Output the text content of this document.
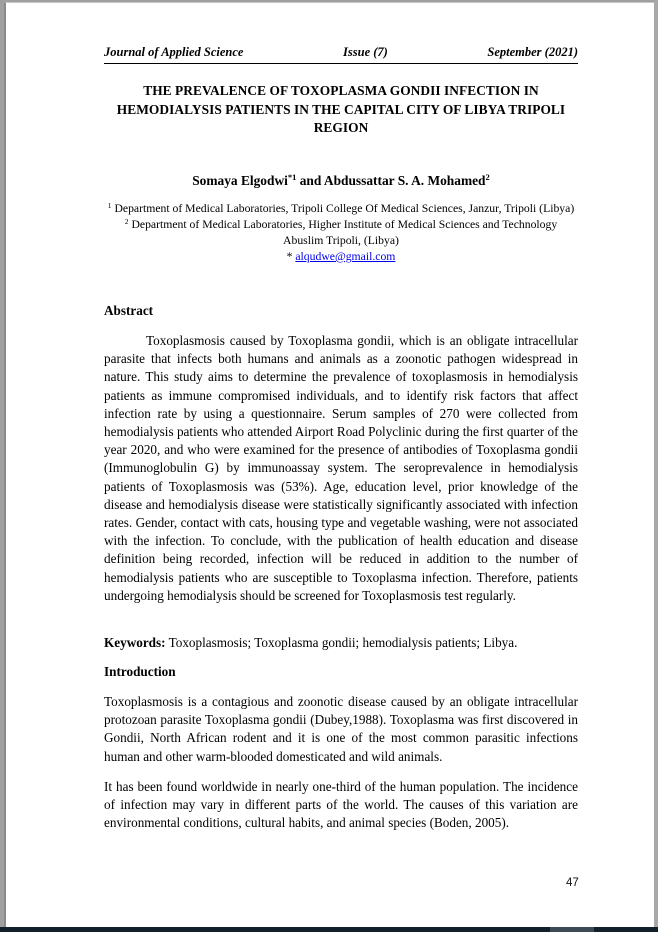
Journal of Applied Science	Issue (7)	September (2021)
THE PREVALENCE OF TOXOPLASMA GONDII INFECTION IN HEMODIALYSIS PATIENTS IN THE CAPITAL CITY OF LIBYA TRIPOLI REGION
Somaya Elgodwi$^{*1}$ and Abdussattar S. A. Mohamed$^2$
$^1$ Department of Medical Laboratories, Tripoli College Of Medical Sciences, Janzur, Tripoli (Libya)
$^2$ Department of Medical Laboratories, Higher Institute of Medical Sciences and Technology Abuslim Tripoli, (Libya)
* alqudwe@gmail.com
Abstract
Toxoplasmosis caused by Toxoplasma gondii, which is an obligate intracellular parasite that infects both humans and animals as a zoonotic pathogen widespread in nature. This study aims to determine the prevalence of toxoplasmosis in hemodialysis patients as immune compromised individuals, and to identify risk factors that affect infection rate by using a questionnaire. Serum samples of 270 were collected from hemodialysis patients who attended Airport Road Polyclinic during the first quarter of the year 2020, and who were examined for the presence of antibodies of Toxoplasma gondii (Immunoglobulin G) by immunoassay system. The seroprevalence in hemodialysis patients of Toxoplasmosis was (53%). Age, education level, prior knowledge of the disease and hemodialysis disease were statistically significantly associated with infection rates. Gender, contact with cats, housing type and vegetable washing, were not associated with the infection. To conclude, with the publication of health education and disease definition being recorded, infection will be reduced in addition to the number of hemodialysis patients who are susceptible to Toxoplasma infection. Therefore, patients undergoing hemodialysis should be screened for Toxoplasmosis test regularly.
Keywords: Toxoplasmosis; Toxoplasma gondii; hemodialysis patients; Libya.
Introduction
Toxoplasmosis is a contagious and zoonotic disease caused by an obligate intracellular protozoan parasite Toxoplasma gondii (Dubey,1988). Toxoplasma was first discovered in Gondii, North African rodent and it is one of the most common parasitic infections human and other warm-blooded domesticated and wild animals.
It has been found worldwide in nearly one-third of the human population. The incidence of infection may vary in different parts of the world. The causes of this variation are environmental conditions, cultural habits, and animal species (Boden, 2005).
47
